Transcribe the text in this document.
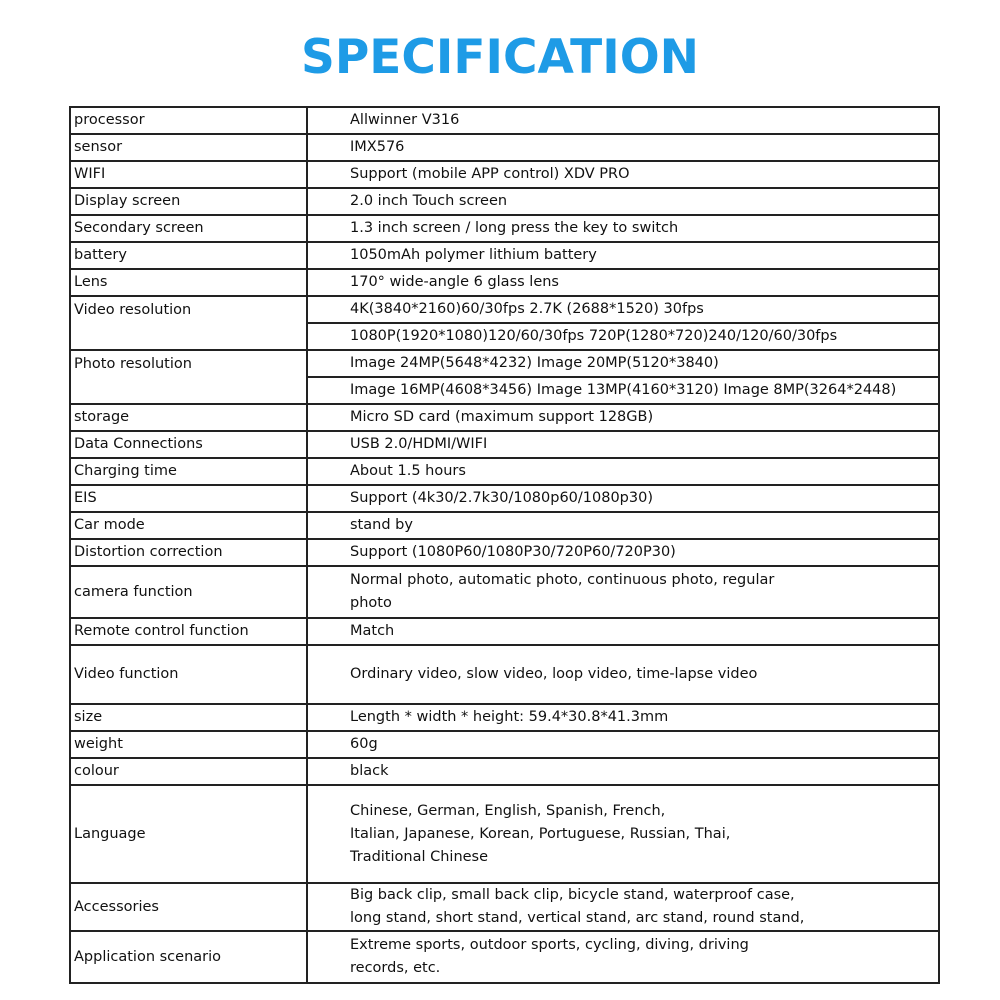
SPECIFICATION
processor	Allwinner V316

sensor	IMX576

WIFI	Support (mobile APP control) XDV PRO

Display screen	2.0 inch Touch screen

Secondary screen	1.3 inch screen / long press the key to switch

battery	1050mAh polymer lithium battery

Lens	170° wide-angle 6 glass lens

Video resolution	4K(3840*2160)60/30fps 2.7K (2688*1520) 30fps
	1080P(1920*1080)120/60/30fps 720P(1280*720)240/120/60/30fps
Photo resolution	Image 24MP(5648*4232) Image 20MP(5120*3840)
	Image 16MP(4608*3456) Image 13MP(4160*3120) Image 8MP(3264*2448)
storage	Micro SD card (maximum support 128GB)

Data Connections	USB 2.0/HDMI/WIFI

Charging time	About 1.5 hours

EIS	Support (4k30/2.7k30/1080p60/1080p30)

Car mode	stand by

Distortion correction	Support (1080P60/1080P30/720P60/720P30)

camera function	Normal photo, automatic photo, continuous photo, regular
photo

Remote control function	Match

Video function	Ordinary video, slow video, loop video, time-lapse video

size	Length * width * height: 59.4*30.8*41.3mm

weight	60g

colour	black

Language	Chinese, German, English, Spanish, French,
Italian, Japanese, Korean, Portuguese, Russian, Thai,
Traditional Chinese

Accessories	Big back clip, small back clip, bicycle stand, waterproof case,
long stand, short stand, vertical stand, arc stand, round stand,

Application scenario	Extreme sports, outdoor sports, cycling, diving, driving
records, etc.
